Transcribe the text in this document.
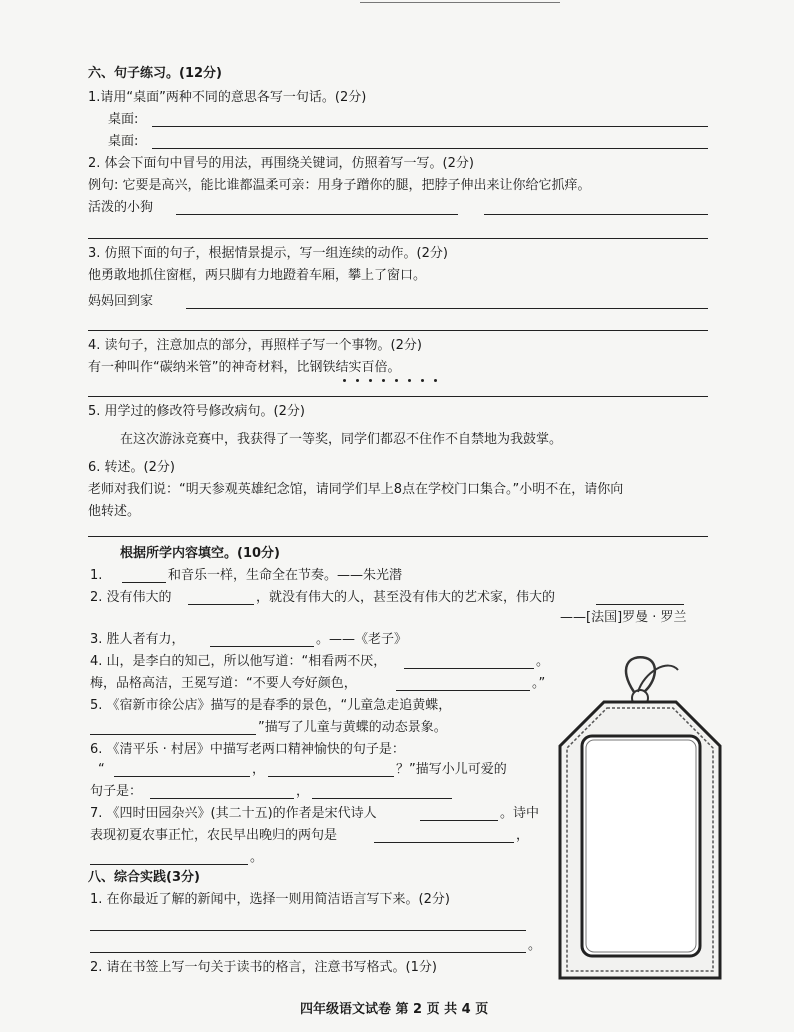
六、句子练习。(12分)
1.请用“桌面”两种不同的意思各写一句话。(2分)
桌面:
桌面:
2. 体会下面句中冒号的用法，再围绕关键词，仿照着写一写。(2分)
例句: 它要是高兴，能比谁都温柔可亲：用身子蹭你的腿，把脖子伸出来让你给它抓痒。
活泼的小狗
3. 仿照下面的句子，根据情景提示，写一组连续的动作。(2分)
他勇敢地抓住窗框，两只脚有力地蹬着车厢，攀上了窗口。
妈妈回到家
4. 读句子，注意加点的部分，再照样子写一个事物。(2分)
有一种叫作“碳纳米管”的神奇材料，比钢铁结实百倍。
5. 用学过的修改符号修改病句。(2分)
在这次游泳竞赛中，我获得了一等奖，同学们都忍不住作不自禁地为我鼓掌。
6. 转述。(2分)
老师对我们说：“明天参观英雄纪念馆，请同学们早上8点在学校门口集合。”小明不在，请你向
他转述。
根据所学内容填空。(10分)
1.	和音乐一样，生命全在节奏。——朱光潜
2. 没有伟大的	，就没有伟大的人，甚至没有伟大的艺术家，伟大的
——[法国]罗曼 · 罗兰
3. 胜人者有力，	。——《老子》
4. 山，是李白的知己，所以他写道：“相看两不厌，	。
梅，品格高洁，王冕写道：“不要人夸好颜色，	。”
5. 《宿新市徐公店》描写的是春季的景色，“儿童急走追黄蝶，
”描写了儿童与黄蝶的动态景象。
6. 《清平乐 · 村居》中描写老两口精神愉快的句子是：
“	，	？”描写小儿可爱的
句子是：	，
7. 《四时田园杂兴》(其二十五)的作者是宋代诗人	。诗中
表现初夏农事正忙，农民早出晚归的两句是	，
。
八、综合实践(3分)
1. 在你最近了解的新闻中，选择一则用简洁语言写下来。(2分)
。
2. 请在书签上写一句关于读书的格言，注意书写格式。(1分)
四年级语文试卷 第 2 页 共 4 页
